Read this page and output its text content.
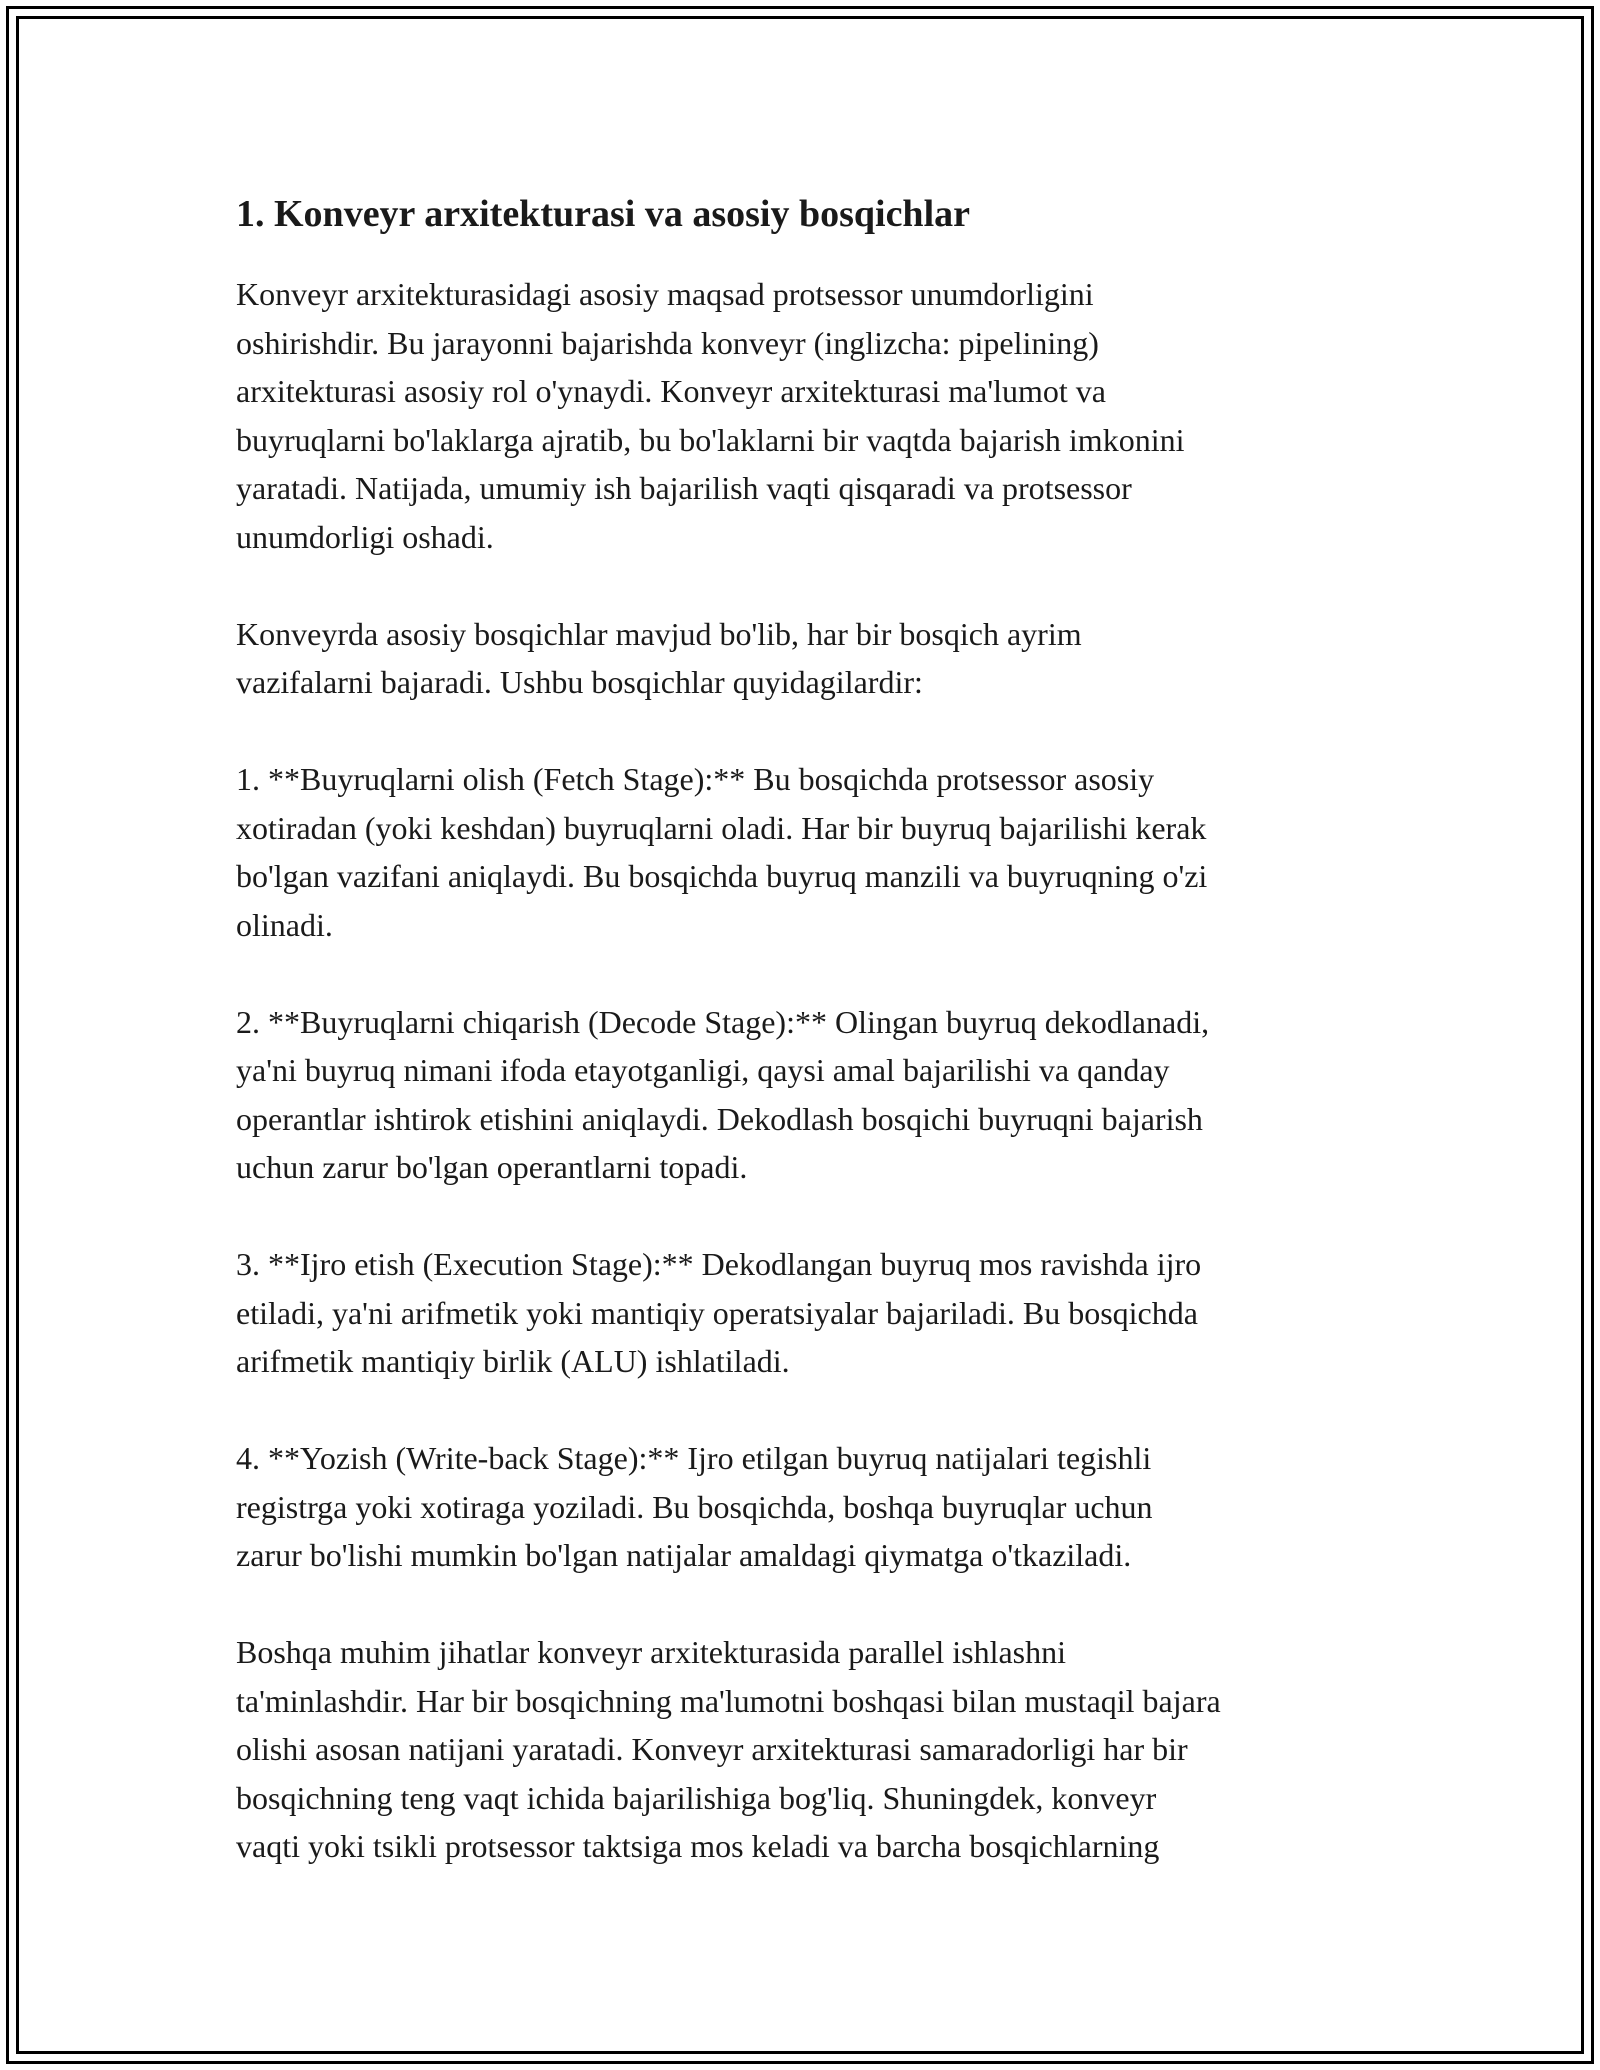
1. Konveyr arxitekturasi va asosiy bosqichlar

Konveyr arxitekturasidagi asosiy maqsad protsessor unumdorligini
oshirishdir. Bu jarayonni bajarishda konveyr (inglizcha: pipelining)
arxitekturasi asosiy rol o'ynaydi. Konveyr arxitekturasi ma'lumot va
buyruqlarni bo'laklarga ajratib, bu bo'laklarni bir vaqtda bajarish imkonini
yaratadi. Natijada, umumiy ish bajarilish vaqti qisqaradi va protsessor
unumdorligi oshadi.

Konveyrda asosiy bosqichlar mavjud bo'lib, har bir bosqich ayrim
vazifalarni bajaradi. Ushbu bosqichlar quyidagilardir:

1. **Buyruqlarni olish (Fetch Stage):** Bu bosqichda protsessor asosiy
xotiradan (yoki keshdan) buyruqlarni oladi. Har bir buyruq bajarilishi kerak
bo'lgan vazifani aniqlaydi. Bu bosqichda buyruq manzili va buyruqning o'zi
olinadi.

2. **Buyruqlarni chiqarish (Decode Stage):** Olingan buyruq dekodlanadi,
ya'ni buyruq nimani ifoda etayotganligi, qaysi amal bajarilishi va qanday
operantlar ishtirok etishini aniqlaydi. Dekodlash bosqichi buyruqni bajarish
uchun zarur bo'lgan operantlarni topadi.

3. **Ijro etish (Execution Stage):** Dekodlangan buyruq mos ravishda ijro
etiladi, ya'ni arifmetik yoki mantiqiy operatsiyalar bajariladi. Bu bosqichda
arifmetik mantiqiy birlik (ALU) ishlatiladi.

4. **Yozish (Write-back Stage):** Ijro etilgan buyruq natijalari tegishli
registrga yoki xotiraga yoziladi. Bu bosqichda, boshqa buyruqlar uchun
zarur bo'lishi mumkin bo'lgan natijalar amaldagi qiymatga o'tkaziladi.

Boshqa muhim jihatlar konveyr arxitekturasida parallel ishlashni
ta'minlashdir. Har bir bosqichning ma'lumotni boshqasi bilan mustaqil bajara
olishi asosan natijani yaratadi. Konveyr arxitekturasi samaradorligi har bir
bosqichning teng vaqt ichida bajarilishiga bog'liq. Shuningdek, konveyr
vaqti yoki tsikli protsessor taktsiga mos keladi va barcha bosqichlarning
